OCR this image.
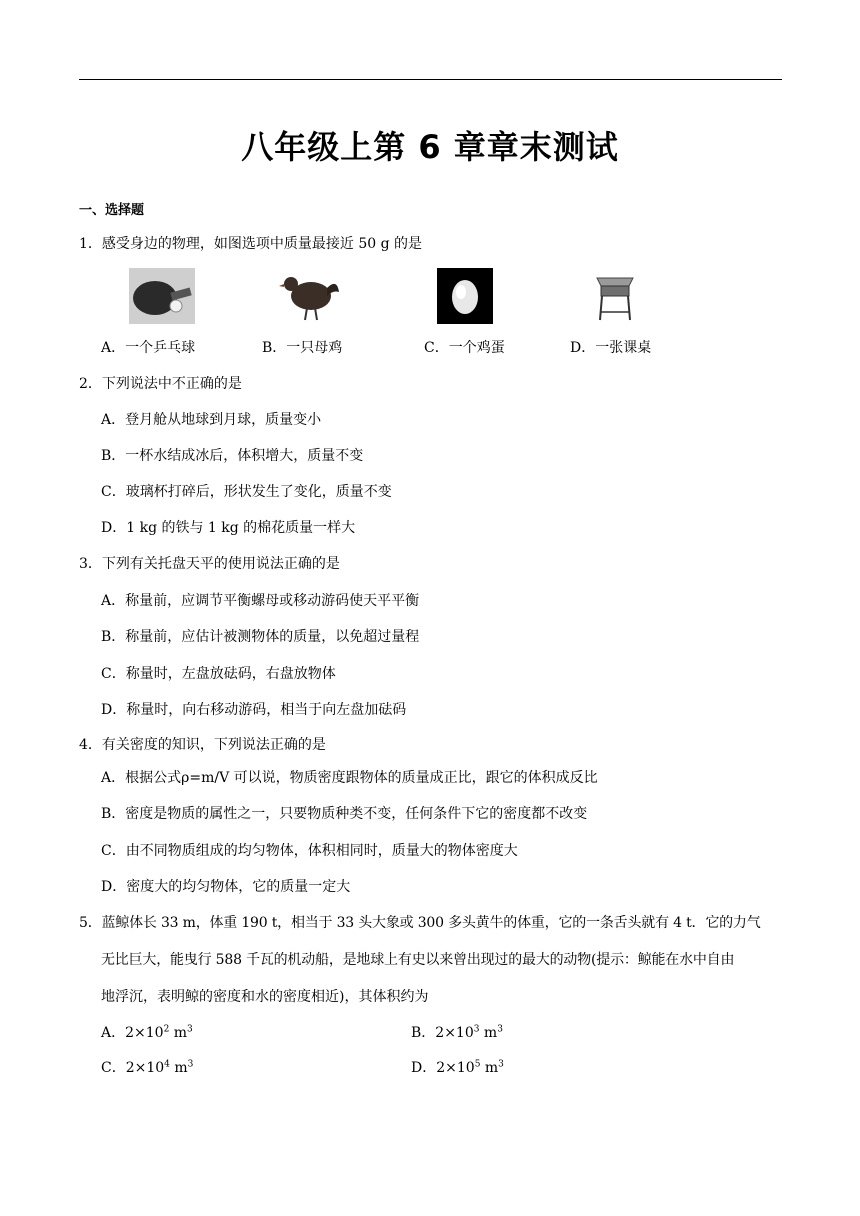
八年级上第 6 章章末测试
一、选择题
1．感受身边的物理，如图选项中质量最接近 50 g 的是
A．一个乒乓球	B．一只母鸡	C．一个鸡蛋	D．一张课桌
2．下列说法中不正确的是
A．登月舱从地球到月球，质量变小
B．一杯水结成冰后，体积增大，质量不变
C．玻璃杯打碎后，形状发生了变化，质量不变
D．1 kg 的铁与 1 kg 的棉花质量一样大
3．下列有关托盘天平的使用说法正确的是
A．称量前，应调节平衡螺母或移动游码使天平平衡
B．称量前，应估计被测物体的质量，以免超过量程
C．称量时，左盘放砝码，右盘放物体
D．称量时，向右移动游码，相当于向左盘加砝码
4．有关密度的知识，下列说法正确的是
A．根据公式ρ=m/V 可以说，物质密度跟物体的质量成正比，跟它的体积成反比
B．密度是物质的属性之一，只要物质种类不变，任何条件下它的密度都不改变
C．由不同物质组成的均匀物体，体积相同时，质量大的物体密度大
D．密度大的均匀物体，它的质量一定大
5．蓝鲸体长 33 m，体重 190 t，相当于 33 头大象或 300 多头黄牛的体重，它的一条舌头就有 4 t．它的力气
无比巨大，能曳行 588 千瓦的机动船，是地球上有史以来曾出现过的最大的动物(提示：鲸能在水中自由
地浮沉，表明鲸的密度和水的密度相近)，其体积约为
A．$2\times 10^2$ $m^3$	B．$2\times 10^3$ $m^3$
C．$2\times 10^4$ $m^3$	D．$2\times 10^5$ $m^3$
